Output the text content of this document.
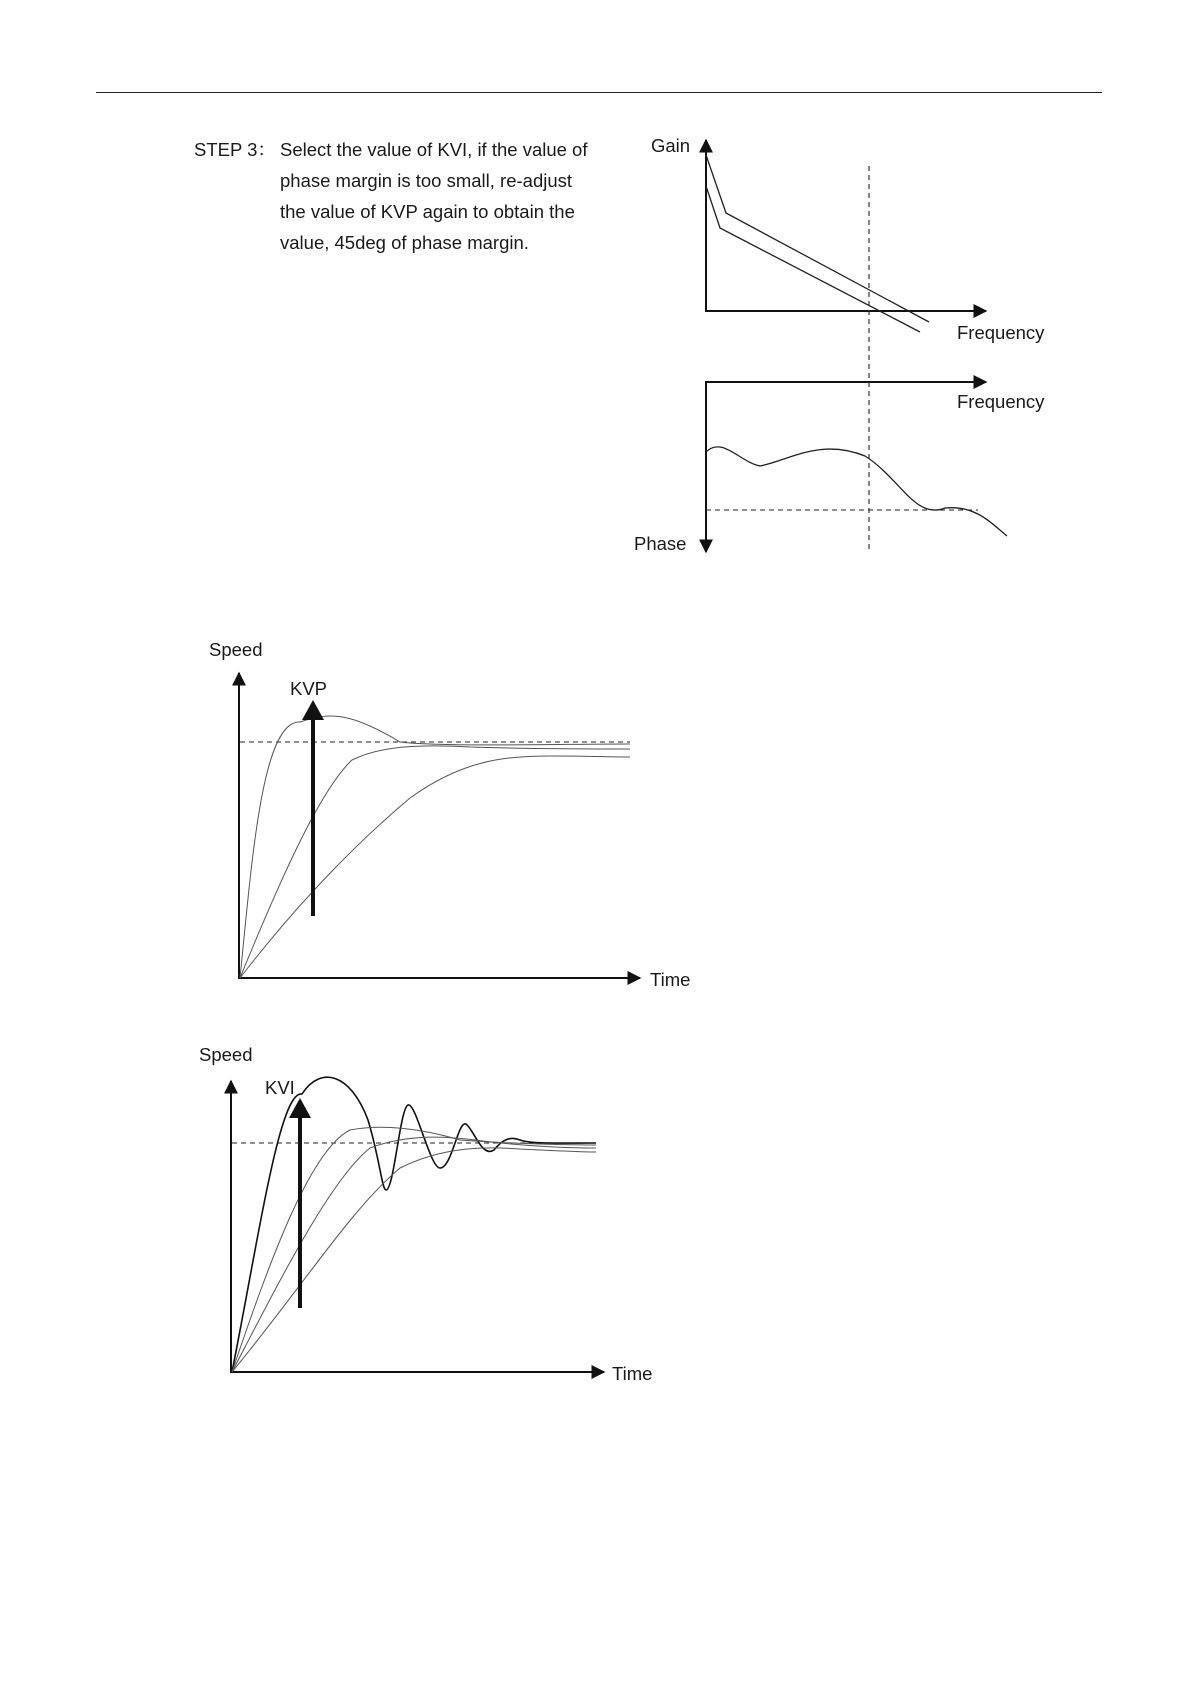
STEP 3： Select the value of KVI, if the value of
phase margin is too small, re-adjust
the value of KVP again to obtain the
value, 45deg of phase margin.
Gain
Frequency
Frequency
Phase
Speed
Time
KVP
Speed
Time
KVI
